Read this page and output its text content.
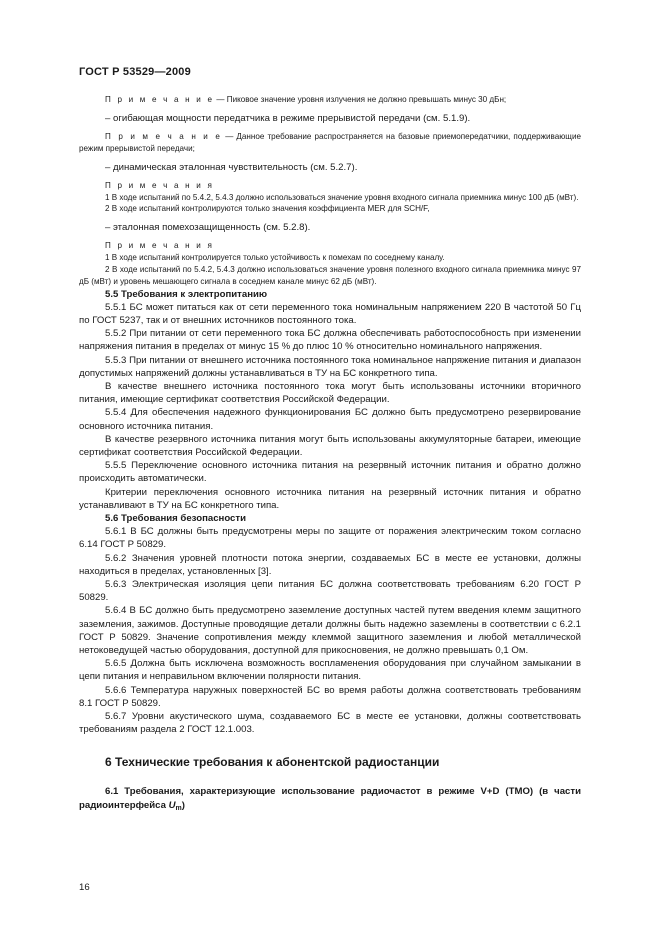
ГОСТ Р 53529—2009

П р и м е ч а н и е — Пиковое значение уровня излучения не должно превышать минус 30 дБн;

– огибающая мощности передатчика в режиме прерывистой передачи (см. 5.1.9).

П р и м е ч а н и е — Данное требование распространяется на базовые приемопередатчики, поддерживающие режим прерывистой передачи;

– динамическая эталонная чувствительность (см. 5.2.7).

П р и м е ч а н и я

1 В ходе испытаний по 5.4.2, 5.4.3 должно использоваться значение уровня входного сигнала приемника минус 100 дБ (мВт).

2 В ходе испытаний контролируются только значения коэффициента MER для SCH/F,

– эталонная помехозащищенность (см. 5.2.8).

П р и м е ч а н и я

1 В ходе испытаний контролируется только устойчивость к помехам по соседнему каналу.

2 В ходе испытаний по 5.4.2, 5.4.3 должно использоваться значение уровня полезного входного сигнала приемника минус 97 дБ (мВт) и уровень мешающего сигнала в соседнем канале минус 62 дБ (мВт).

5.5 Требования к электропитанию

5.5.1 БС может питаться как от сети переменного тока номинальным напряжением 220 В частотой 50 Гц по ГОСТ 5237, так и от внешних источников постоянного тока.

5.5.2 При питании от сети переменного тока БС должна обеспечивать работоспособность при изменении напряжения питания в пределах от минус 15 % до плюс 10 % относительно номинального напряжения.

5.5.3 При питании от внешнего источника постоянного тока номинальное напряжение питания и диапазон допустимых напряжений должны устанавливаться в ТУ на БС конкретного типа.

В качестве внешнего источника постоянного тока могут быть использованы источники вторичного питания, имеющие сертификат соответствия Российской Федерации.

5.5.4 Для обеспечения надежного функционирования БС должно быть предусмотрено резервирование основного источника питания.

В качестве резервного источника питания могут быть использованы аккумуляторные батареи, имеющие сертификат соответствия Российской Федерации.

5.5.5 Переключение основного источника питания на резервный источник питания и обратно должно происходить автоматически.

Критерии переключения основного источника питания на резервный источник питания и обратно устанавливают в ТУ на БС конкретного типа.

5.6 Требования безопасности

5.6.1 В БС должны быть предусмотрены меры по защите от поражения электрическим током согласно 6.14 ГОСТ Р 50829.

5.6.2 Значения уровней плотности потока энергии, создаваемых БС в месте ее установки, должны находиться в пределах, установленных [3].

5.6.3 Электрическая изоляция цепи питания БС должна соответствовать требованиям 6.20 ГОСТ Р 50829.

5.6.4 В БС должно быть предусмотрено заземление доступных частей путем введения клемм защитного заземления, зажимов. Доступные проводящие детали должны быть надежно заземлены в соответствии с 6.2.1 ГОСТ Р 50829. Значение сопротивления между клеммой защитного заземления и любой металлической нетоковедущей частью оборудования, доступной для прикосновения, не должно превышать 0,1 Ом.

5.6.5 Должна быть исключена возможность воспламенения оборудования при случайном замыкании в цепи питания и неправильном включении полярности питания.

5.6.6 Температура наружных поверхностей БС во время работы должна соответствовать требованиям 8.1 ГОСТ Р 50829.

5.6.7 Уровни акустического шума, создаваемого БС в месте ее установки, должны соответствовать требованиям раздела 2 ГОСТ 12.1.003.

6 Технические требования к абонентской радиостанции

6.1 Требования, характеризующие использование радиочастот в режиме V+D (TMO) (в части радиоинтерфейса $U_m$)

16
